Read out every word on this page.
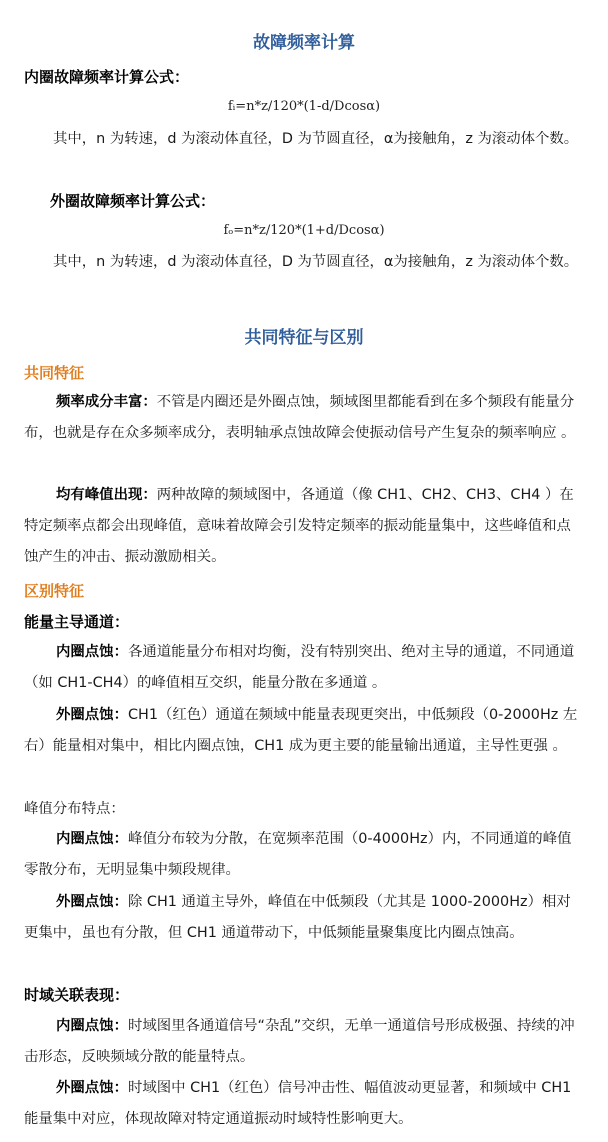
故障频率计算
内圈故障频率计算公式：
fᵢ=n*z/120*(1-d/Dcosα)
其中，n 为转速，d 为滚动体直径，D 为节圆直径，α为接触角，z 为滚动体个数。
外圈故障频率计算公式：
fₒ=n*z/120*(1+d/Dcosα)
其中，n 为转速，d 为滚动体直径，D 为节圆直径，α为接触角，z 为滚动体个数。
共同特征与区别
共同特征
频率成分丰富：不管是内圈还是外圈点蚀，频域图里都能看到在多个频段有能量分布，也就是存在众多频率成分，表明轴承点蚀故障会使振动信号产生复杂的频率响应 。
均有峰值出现：两种故障的频域图中，各通道（像 CH1、CH2、CH3、CH4 ）在特定频率点都会出现峰值，意味着故障会引发特定频率的振动能量集中，这些峰值和点蚀产生的冲击、振动激励相关。
区别特征
能量主导通道：
内圈点蚀：各通道能量分布相对均衡，没有特别突出、绝对主导的通道，不同通道（如 CH1-CH4）的峰值相互交织，能量分散在多通道 。
外圈点蚀：CH1（红色）通道在频域中能量表现更突出，中低频段（0-2000Hz 左右）能量相对集中，相比内圈点蚀，CH1 成为更主要的能量输出通道，主导性更强 。
峰值分布特点：
内圈点蚀：峰值分布较为分散，在宽频率范围（0-4000Hz）内，不同通道的峰值零散分布，无明显集中频段规律。
外圈点蚀：除 CH1 通道主导外，峰值在中低频段（尤其是 1000-2000Hz）相对更集中，虽也有分散，但 CH1 通道带动下，中低频能量聚集度比内圈点蚀高。
时域关联表现：
内圈点蚀：时域图里各通道信号“杂乱”交织，无单一通道信号形成极强、持续的冲击形态，反映频域分散的能量特点。
外圈点蚀：时域图中 CH1（红色）信号冲击性、幅值波动更显著，和频域中 CH1 能量集中对应，体现故障对特定通道振动时域特性影响更大。
